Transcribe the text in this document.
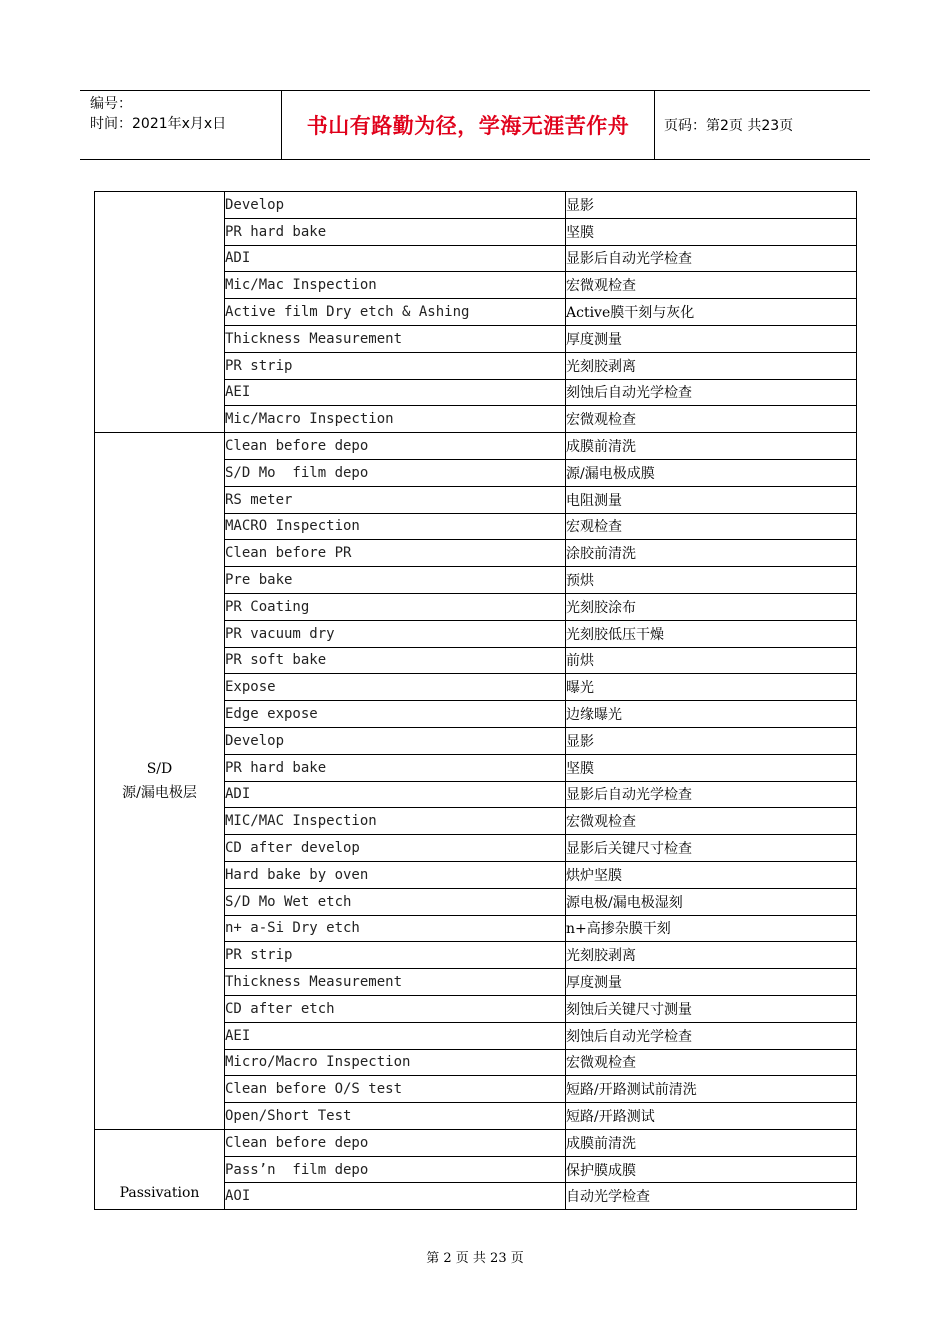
编号：
时间：2021年x月x日	书山有路勤为径，学海无涯苦作舟	页码：第2页 共23页
	Develop	显影
	PR hard bake	坚膜
	ADI	显影后自动光学检查
	Mic/Mac Inspection	宏微观检查
	Active film Dry etch & Ashing	Active膜干刻与灰化
	Thickness Measurement	厚度测量
	PR strip	光刻胶剥离
	AEI	刻蚀后自动光学检查
	Mic/Macro Inspection	宏微观检查
S/D
源/漏电极层	Clean before depo	成膜前清洗
	S/D Mo  film depo	源/漏电极成膜
	RS meter	电阻测量
	MACRO Inspection	宏观检查
	Clean before PR	涂胶前清洗
	Pre bake	预烘
	PR Coating	光刻胶涂布
	PR vacuum dry	光刻胶低压干燥
	PR soft bake	前烘
	Expose	曝光
	Edge expose	边缘曝光
	Develop	显影
	PR hard bake	坚膜
	ADI	显影后自动光学检查
	MIC/MAC Inspection	宏微观检查
	CD after develop	显影后关键尺寸检查
	Hard bake by oven	烘炉坚膜
	S/D Mo Wet etch	源电极/漏电极湿刻
	n+ a-Si Dry etch	n+高掺杂膜干刻
	PR strip	光刻胶剥离
	Thickness Measurement	厚度测量
	CD after etch	刻蚀后关键尺寸测量
	AEI	刻蚀后自动光学检查
	Micro/Macro Inspection	宏微观检查
	Clean before O/S test	短路/开路测试前清洗
	Open/Short Test	短路/开路测试
Passivation	Clean before depo	成膜前清洗
	Pass’n  film depo	保护膜成膜
	AOI	自动光学检查
第 2 页 共 23 页
